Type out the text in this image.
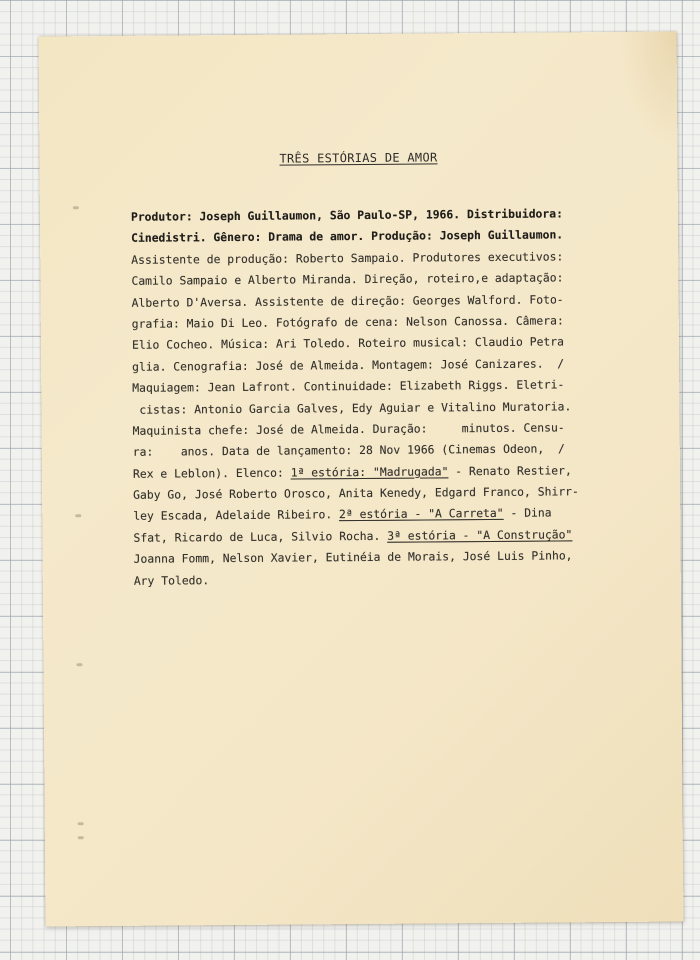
TRÊS ESTÓRIAS DE AMOR
Produtor: Joseph Guillaumon, São Paulo-SP, 1966. Distribuidora:
Cinedistri. Gênero: Drama de amor. Produção: Joseph Guillaumon.
Assistente de produção: Roberto Sampaio. Produtores executivos:
Camilo Sampaio e Alberto Miranda. Direção, roteiro,e adaptação:
Alberto D'Aversa. Assistente de direção: Georges Walford. Foto-
grafia: Maio Di Leo. Fotógrafo de cena: Nelson Canossa. Câmera:
Elio Cocheo. Música: Ari Toledo. Roteiro musical: Claudio Petra
glia. Cenografia: José de Almeida. Montagem: José Canizares.  /
Maquiagem: Jean Lafront. Continuidade: Elizabeth Riggs. Eletri-
cistas: Antonio Garcia Galves, Edy Aguiar e Vitalino Muratoria.
Maquinista chefe: José de Almeida. Duração:     minutos. Censu-
ra:    anos. Data de lançamento: 28 Nov 1966 (Cinemas Odeon,  /
Rex e Leblon). Elenco: 1ª estória: "Madrugada" - Renato Restier,
Gaby Go, José Roberto Orosco, Anita Kenedy, Edgard Franco, Shirr-
ley Escada, Adelaide Ribeiro. 2ª estória - "A Carreta" - Dina
Sfat, Ricardo de Luca, Silvio Rocha. 3ª estória - "A Construção"
Joanna Fomm, Nelson Xavier, Eutinéia de Morais, José Luis Pinho,
Ary Toledo.
